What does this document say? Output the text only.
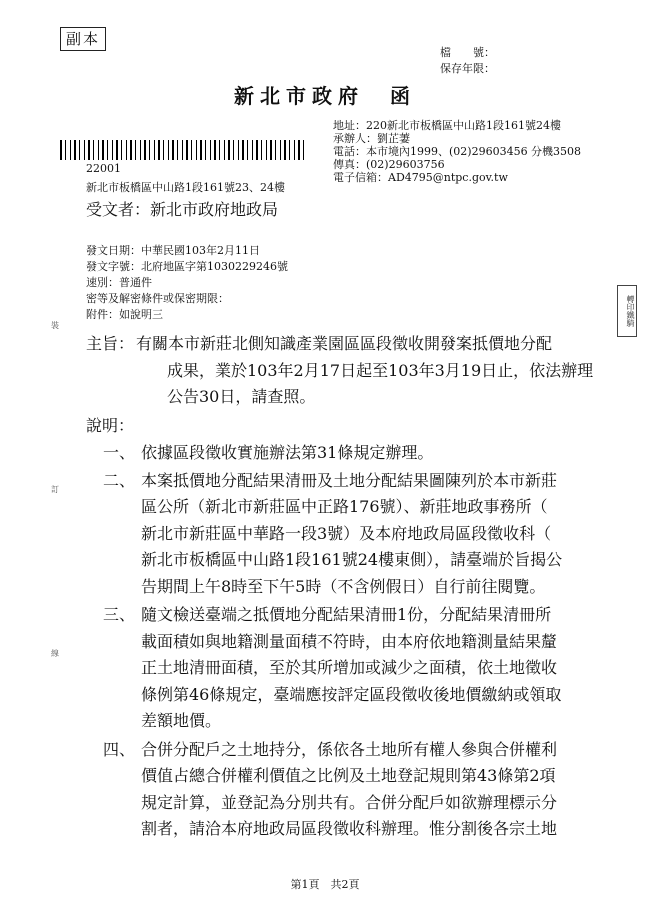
副本
檔　　號：
保存年限：
新北市政府　函
地址：220新北市板橋區中山路1段161號24樓
承辦人：劉芷萋
電話：本市境內1999、(02)29603456 分機3508
傳真：(02)29603756
電子信箱：AD4795@ntpc.gov.tw
22001
新北市板橋區中山路1段161號23、24樓
受文者：新北市政府地政局
發文日期：中華民國103年2月11日
發文字號：北府地區字第1030229246號
速別：普通件
密等及解密條件或保密期限：
附件：如說明三	轉印鐵騎
裝
訂
線
主旨： 有關本市新莊北側知識產業園區區段徵收開發案抵價地分配
成果，業於103年2月17日起至103年3月19日止，依法辦理
公告30日，請查照。
說明：
一、 依據區段徵收實施辦法第31條規定辦理。
二、 本案抵價地分配結果清冊及土地分配結果圖陳列於本市新莊
區公所（新北市新莊區中正路176號）、新莊地政事務所（
新北市新莊區中華路一段3號）及本府地政局區段徵收科（
新北市板橋區中山路1段161號24樓東側），請臺端於旨揭公
告期間上午8時至下午5時（不含例假日）自行前往閱覽。
三、 隨文檢送臺端之抵價地分配結果清冊1份，分配結果清冊所
載面積如與地籍測量面積不符時，由本府依地籍測量結果釐
正土地清冊面積，至於其所增加或減少之面積，依土地徵收
條例第46條規定，臺端應按評定區段徵收後地價繳納或領取
差額地價。
四、 合併分配戶之土地持分，係依各土地所有權人參與合併權利
價值占總合併權利價值之比例及土地登記規則第43條第2項
規定計算，並登記為分別共有。合併分配戶如欲辦理標示分
割者，請洽本府地政局區段徵收科辦理。惟分割後各宗土地
第1頁　共2頁
